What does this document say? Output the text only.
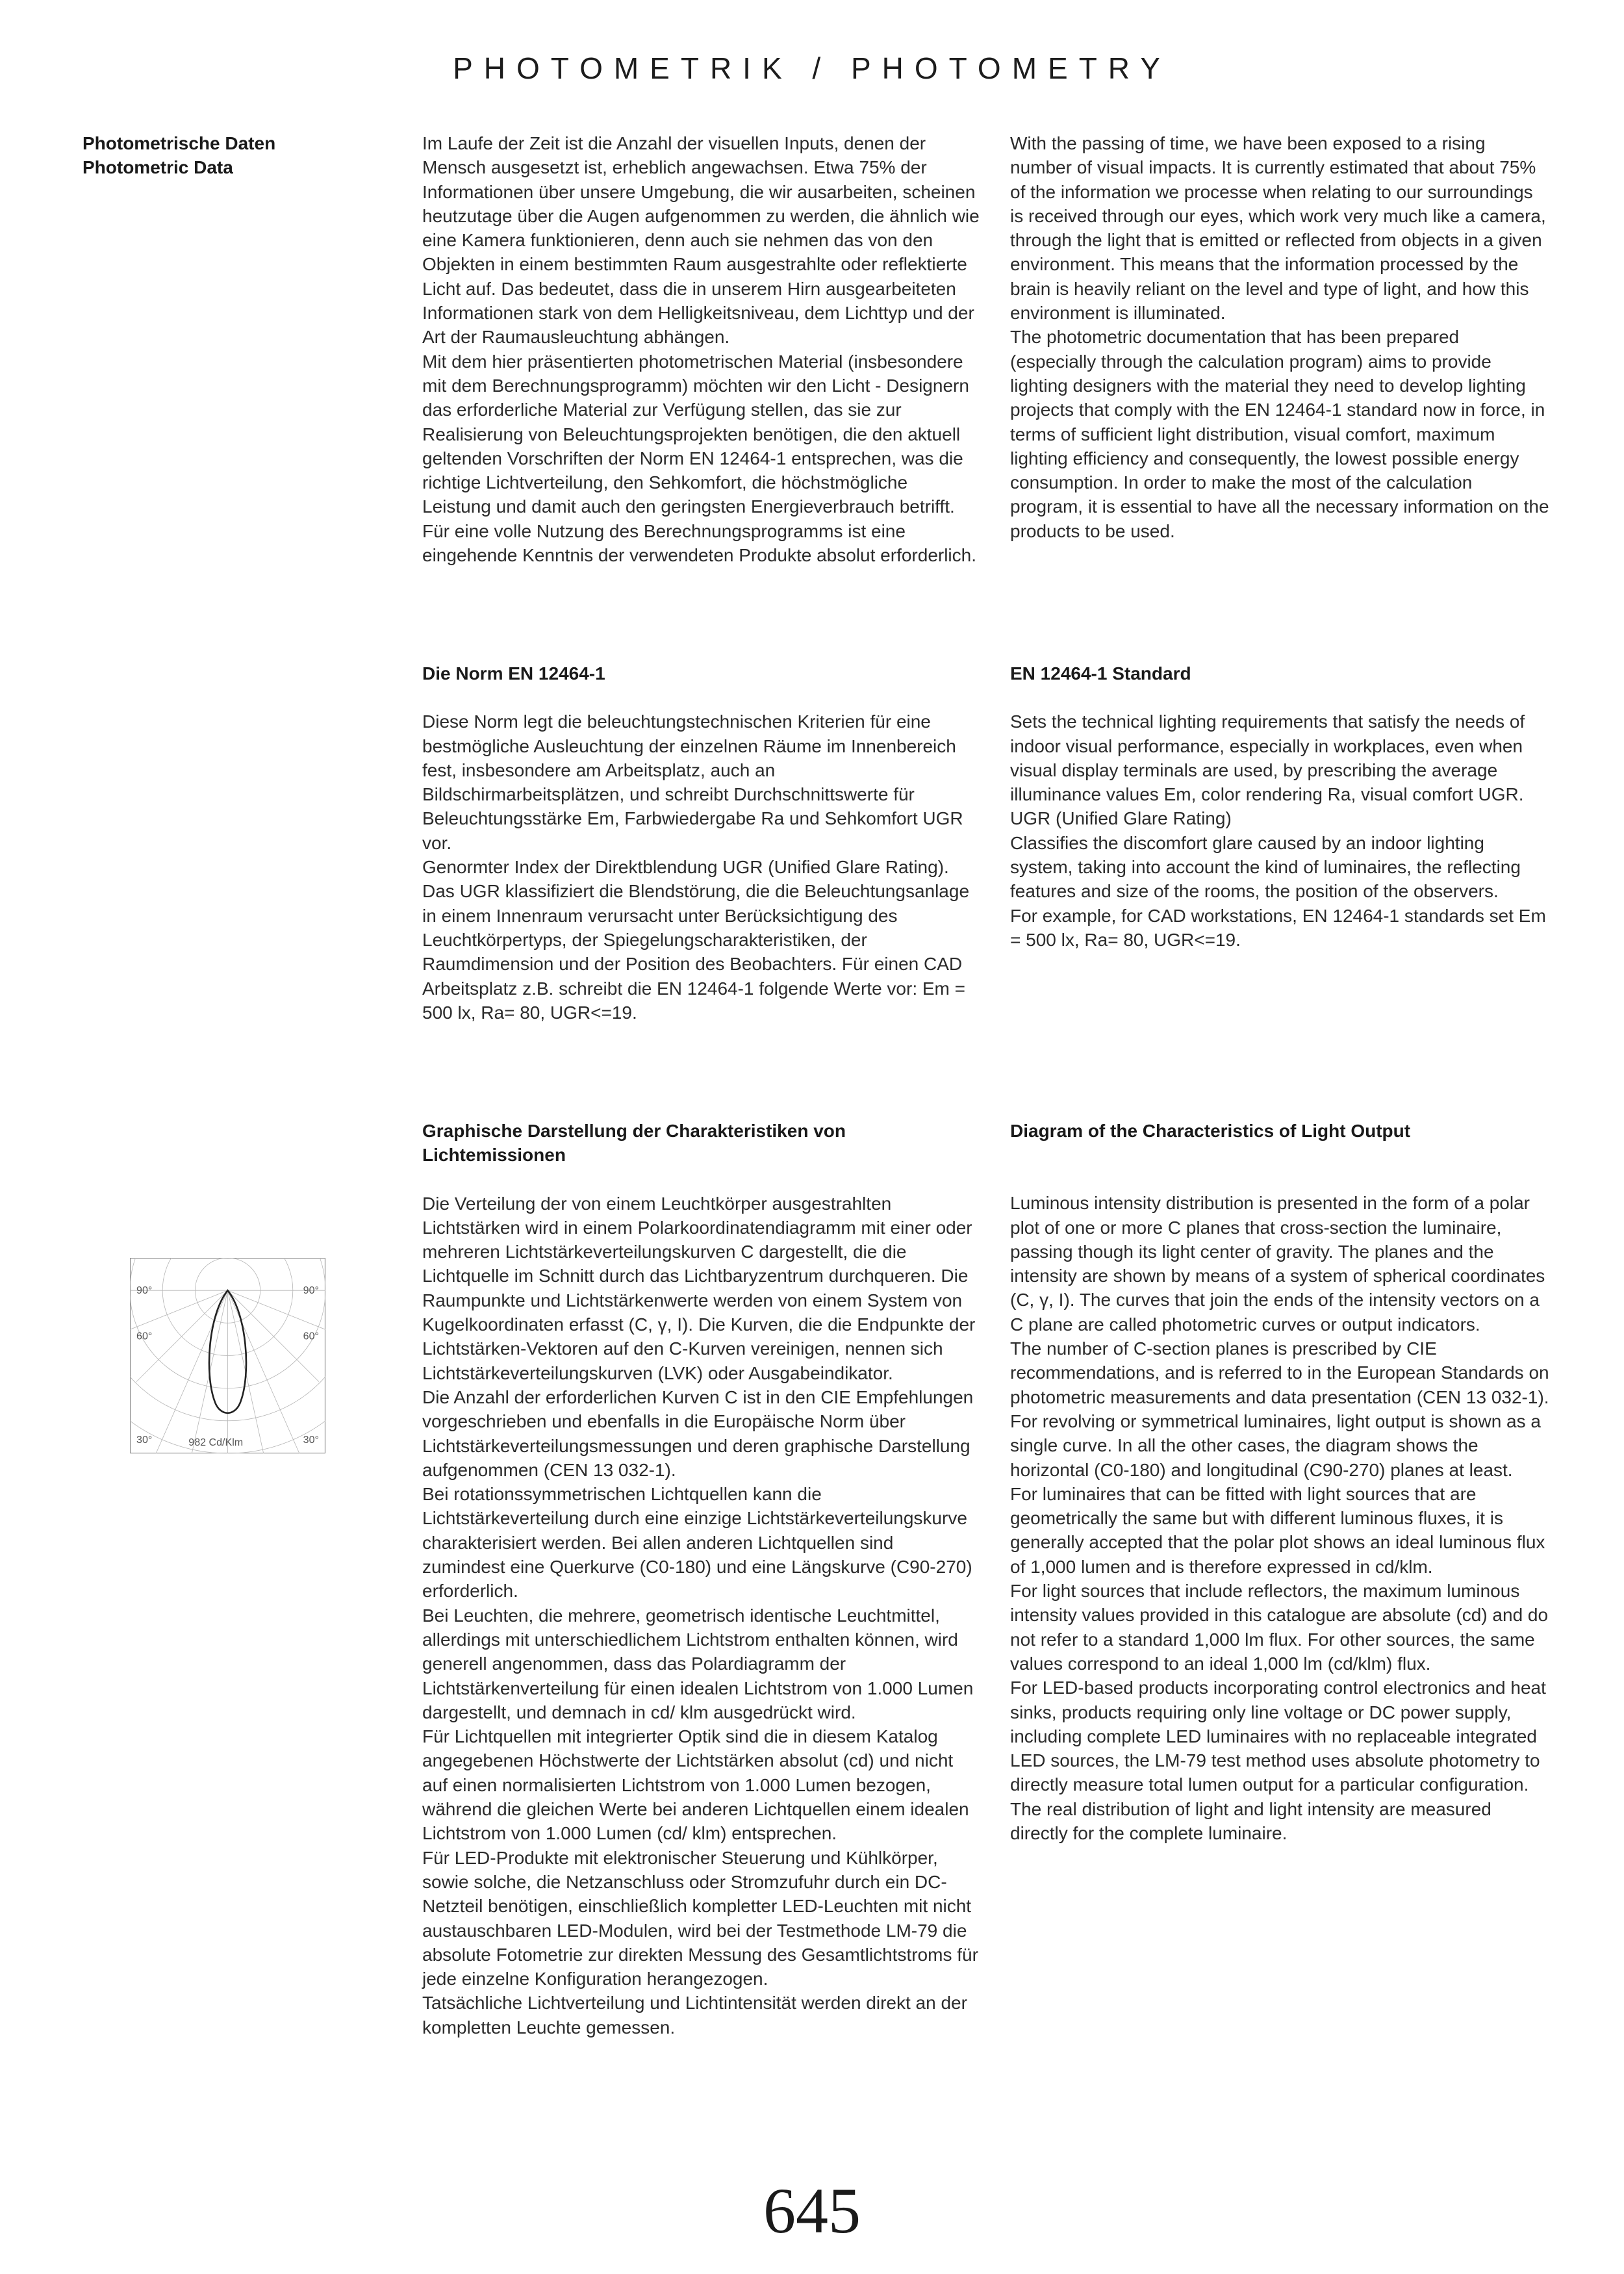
PHOTOMETRIK / PHOTOMETRY
Photometrische Daten
Photometric Data

Im Laufe der Zeit ist die Anzahl der visuellen Inputs, denen der Mensch ausgesetzt ist, erheblich angewachsen. Etwa 75% der Informationen über unsere Umgebung, die wir ausarbeiten, scheinen heutzutage über die Augen aufgenommen zu werden, die ähnlich wie eine Kamera funktionieren, denn auch sie nehmen das von den Objekten in einem bestimmten Raum ausgestrahlte oder reflektierte Licht auf. Das bedeutet, dass die in unserem Hirn ausgearbeiteten Informationen stark von dem Helligkeitsniveau, dem Lichttyp und der Art der Raumausleuchtung abhängen.

Mit dem hier präsentierten photometrischen Material (insbesondere mit dem Berechnungsprogramm) möchten wir den Licht - Designern das erforderliche Material zur Verfügung stellen, das sie zur Realisierung von Beleuchtungsprojekten benötigen, die den aktuell geltenden Vorschriften der Norm EN 12464-1 entsprechen, was die richtige Lichtverteilung, den Sehkomfort, die höchstmögliche Leistung und damit auch den geringsten Energieverbrauch betrifft. Für eine volle Nutzung des Berechnungsprogramms ist eine eingehende Kenntnis der verwendeten Produkte absolut erforderlich.

With the passing of time, we have been exposed to a rising number of visual impacts. It is currently estimated that about 75% of the information we processe when relating to our surroundings is received through our eyes, which work very much like a camera, through the light that is emitted or reflected from objects in a given environment. This means that the information processed by the brain is heavily reliant on the level and type of light, and how this environment is illuminated.

The photometric documentation that has been prepared (especially through the calculation program) aims to provide lighting designers with the material they need to develop lighting projects that comply with the EN 12464-1 standard now in force, in terms of sufficient light distribution, visual comfort, maximum lighting efficiency and consequently, the lowest possible energy consumption. In order to make the most of the calculation program, it is essential to have all the necessary information on the products to be used.

Die Norm EN 12464-1

Diese Norm legt die beleuchtungstechnischen Kriterien für eine bestmögliche Ausleuchtung der einzelnen Räume im Innenbereich fest, insbesondere am Arbeitsplatz, auch an Bildschirmarbeitsplätzen, und schreibt Durchschnittswerte für Beleuchtungsstärke Em, Farbwiedergabe Ra und Sehkomfort UGR vor.

Genormter Index der Direktblendung UGR (Unified Glare Rating).

Das UGR klassifiziert die Blendstörung, die die Beleuchtungsanlage in einem Innenraum verursacht unter Berücksichtigung des Leuchtkörpertyps, der Spiegelungscharakteristiken, der Raumdimension und der Position des Beobachters. Für einen CAD Arbeitsplatz z.B. schreibt die EN 12464-1 folgende Werte vor: Em = 500 lx, Ra= 80, UGR<=19.

EN 12464-1 Standard

Sets the technical lighting requirements that satisfy the needs of indoor visual performance, especially in workplaces, even when visual display terminals are used, by prescribing the average illuminance values Em, color rendering Ra, visual comfort UGR.

UGR (Unified Glare Rating)

Classifies the discomfort glare caused by an indoor lighting system, taking into account the kind of luminaires, the reflecting features and size of the rooms, the position of the observers.

For example, for CAD workstations, EN 12464-1 standards set Em = 500 lx, Ra= 80, UGR<=19.

Graphische Darstellung der Charakteristiken von Lichtemissionen

Die Verteilung der von einem Leuchtkörper ausgestrahlten Lichtstärken wird in einem Polarkoordinatendiagramm mit einer oder mehreren Lichtstärkeverteilungskurven C dargestellt, die die Lichtquelle im Schnitt durch das Lichtbaryzentrum durchqueren. Die Raumpunkte und Lichtstärkenwerte werden von einem System von Kugelkoordinaten erfasst (C, γ, I). Die Kurven, die die Endpunkte der Lichtstärken-Vektoren auf den C-Kurven vereinigen, nennen sich Lichtstärkeverteilungskurven (LVK) oder Ausgabeindikator.

Die Anzahl der erforderlichen Kurven C ist in den CIE Empfehlungen vorgeschrieben und ebenfalls in die Europäische Norm über Lichtstärkeverteilungsmessungen und deren graphische Darstellung aufgenommen (CEN 13 032-1).

Bei rotationssymmetrischen Lichtquellen kann die Lichtstärkeverteilung durch eine einzige Lichtstärkeverteilungskurve charakterisiert werden. Bei allen anderen Lichtquellen sind zumindest eine Querkurve (C0-180) und eine Längskurve (C90-270) erforderlich.

Bei Leuchten, die mehrere, geometrisch identische Leuchtmittel, allerdings mit unterschiedlichem Lichtstrom enthalten können, wird generell angenommen, dass das Polardiagramm der Lichtstärkenverteilung für einen idealen Lichtstrom von 1.000 Lumen dargestellt, und demnach in cd/ klm ausgedrückt wird.

Für Lichtquellen mit integrierter Optik sind die in diesem Katalog angegebenen Höchstwerte der Lichtstärken absolut (cd) und nicht auf einen normalisierten Lichtstrom von 1.000 Lumen bezogen, während die gleichen Werte bei anderen Lichtquellen einem idealen Lichtstrom von 1.000 Lumen (cd/ klm) entsprechen.

Für LED-Produkte mit elektronischer Steuerung und Kühlkörper, sowie solche, die Netzanschluss oder Stromzufuhr durch ein DC-Netzteil benötigen, einschließlich kompletter LED-Leuchten mit nicht austauschbaren LED-Modulen, wird bei der Testmethode LM-79 die absolute Fotometrie zur direkten Messung des Gesamtlichtstroms für jede einzelne Konfiguration herangezogen.

Tatsächliche Lichtverteilung und Lichtintensität werden direkt an der kompletten Leuchte gemessen.

Diagram of the Characteristics of Light Output

Luminous intensity distribution is presented in the form of a polar plot of one or more C planes that cross-section the luminaire, passing though its light center of gravity. The planes and the intensity are shown by means of a system of spherical coordinates (C, γ, I). The curves that join the ends of the intensity vectors on a C plane are called photometric curves or output indicators.

The number of C-section planes is prescribed by CIE recommendations, and is referred to in the European Standards on photometric measurements and data presentation (CEN 13 032-1).

For revolving or symmetrical luminaires, light output is shown as a single curve. In all the other cases, the diagram shows the horizontal (C0-180) and longitudinal (C90-270) planes at least.

For luminaires that can be fitted with light sources that are geometrically the same but with different luminous fluxes, it is generally accepted that the polar plot shows an ideal luminous flux of 1,000 lumen and is therefore expressed in cd/klm.

For light sources that include reflectors, the maximum luminous intensity values provided in this catalogue are absolute (cd) and do not refer to a standard 1,000 lm flux. For other sources, the same values correspond to an ideal 1,000 lm (cd/klm) flux.

For LED-based products incorporating control electronics and heat sinks, products requiring only line voltage or DC power supply, including complete LED luminaires with no replaceable integrated LED sources, the LM-79 test method uses absolute photometry to directly measure total lumen output for a particular configuration.

The real distribution of light and light intensity are measured directly for the complete luminaire.

90°	90°
60°	60°
30°	30°
982 Cd/Klm
645
